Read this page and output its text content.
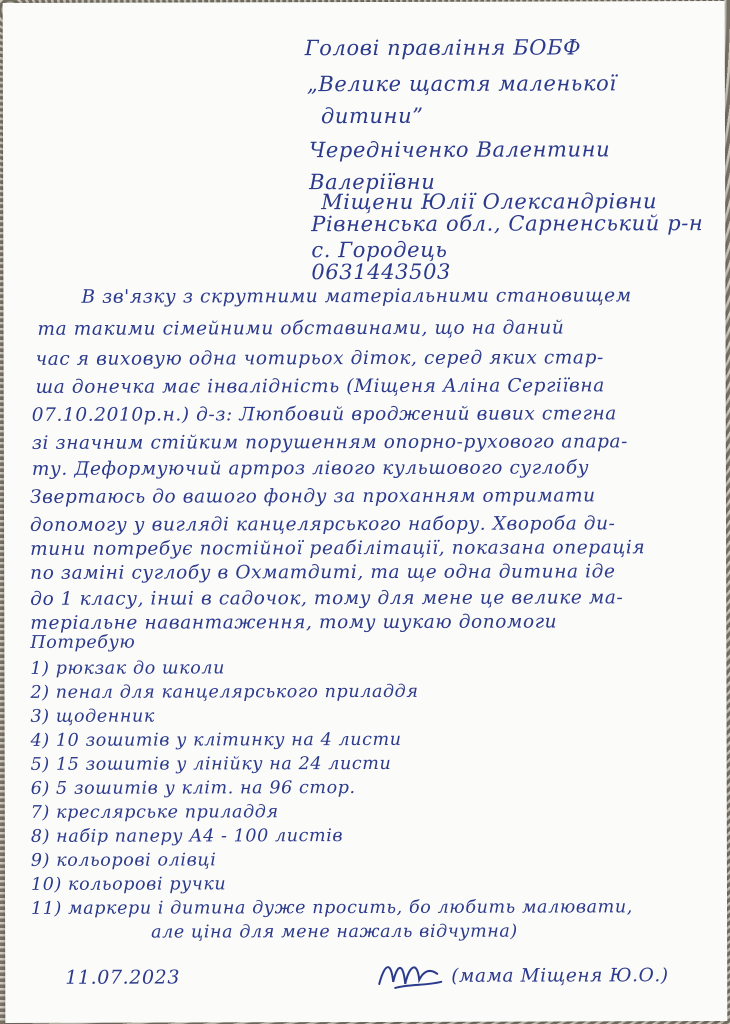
Голові правління БОБФ
„Велике щастя маленької
дитини”
Чередніченко Валентини
Валеріївни
Міщени Юлії Олександрівни
Рівненська обл., Сарненський р-н
с. Городець
0631443503
В зв'язку з скрутними матеріальними становищем
та такими сімейними обставинами, що на даний
час я виховую одна чотирьох діток, серед яких стар-
ша донечка має інвалідність (Міщеня Аліна Сергіївна
07.10.2010р.н.) д-з: Люпбовий вроджений вивих стегна
зі значним стійким порушенням опорно-рухового апара-
ту. Деформуючий артроз лівого кульшового суглобу
Звертаюсь до вашого фонду за проханням отримати
допомогу у вигляді канцелярського набору. Хвороба ди-
тини потребує постійної реабілітації, показана операція
по заміні суглобу в Охматдиті, та ще одна дитина іде
до 1 класу, інші в садочок, тому для мене це велике ма-
теріальне навантаження, тому шукаю допомоги
Потребую
1) рюкзак до школи
2) пенал для канцелярського приладдя
3) щоденник
4) 10 зошитів у клітинку на 4 листи
5) 15 зошитів у лінійку на 24 листи
6) 5 зошитів у кліт. на 96 стор.
7) креслярське приладдя
8) набір паперу А4 - 100 листів
9) кольорові олівці
10) кольорові ручки
11) маркери і дитина дуже просить, бо любить малювати,
але ціна для мене нажаль відчутна)
11.07.2023	(мама Міщеня Ю.О.)
